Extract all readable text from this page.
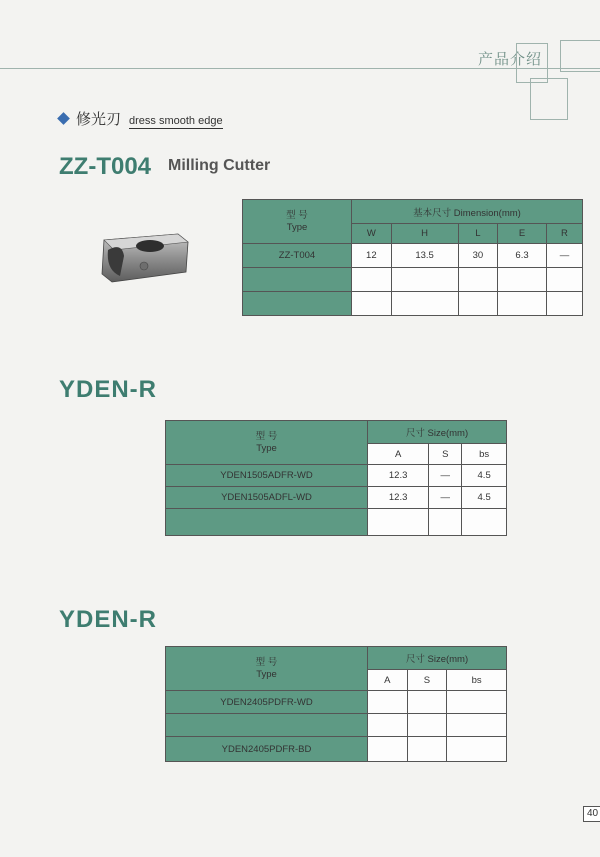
产品介绍
修光刃 dress smooth edge
ZZ-T004 Milling Cutter
型 号
Type	基本尺寸 Dimension(mm)				
	W	H	L	E	R
ZZ-T004	12	13.5	30	6.3	—

YDEN-R
型 号
Type	尺寸 Size(mm)		
	A	S	bs
YDEN1505ADFR-WD	12.3	—	4.5
YDEN1505ADFL-WD	12.3	—	4.5

YDEN-R
型 号
Type	尺寸 Size(mm)		
	A	S	bs
YDEN2405PDFR-WD			

YDEN2405PDFR-BD			
40
